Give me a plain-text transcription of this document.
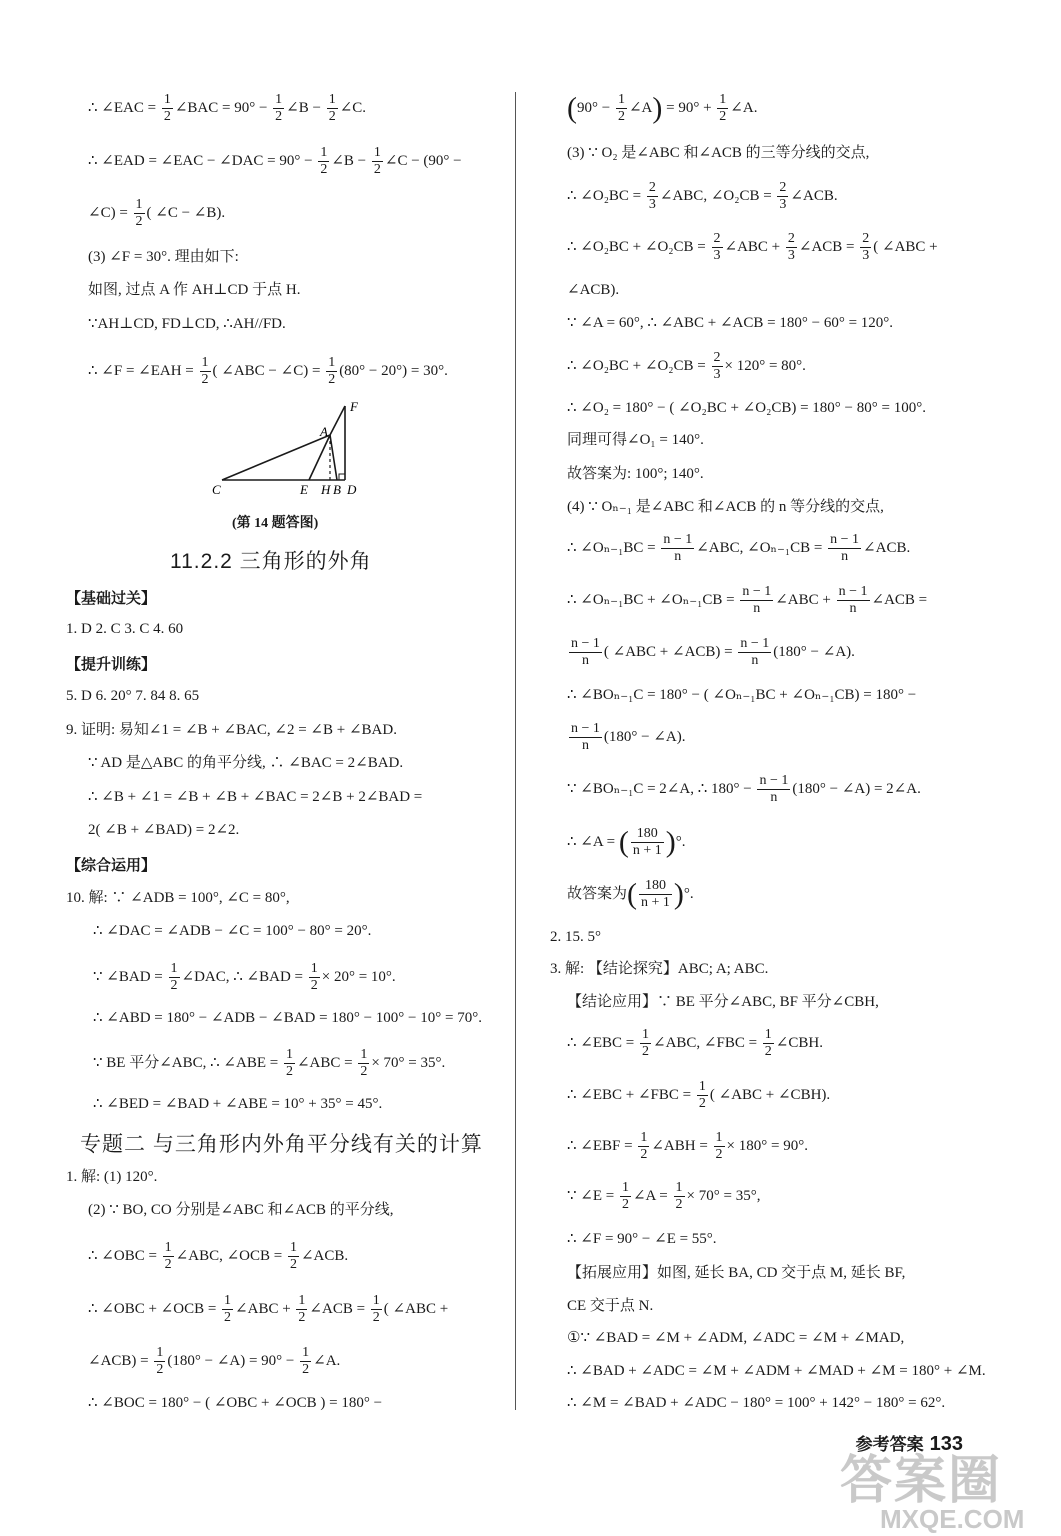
∴ ∠EAC = $\frac{1}{2}$ ∠BAC = $90^\circ - \frac{1}{2}$ ∠B − $\frac{1}{2}$ ∠C.
∴ ∠EAD = ∠EAC − ∠DAC = $90^\circ - \frac{1}{2}$ ∠B − $\frac{1}{2}$ ∠C − (90° −
∠C) = $\frac{1}{2}$ ( ∠C − ∠B).
(3) ∠F = 30°. 理由如下:
如图, 过点 A 作 AH⊥CD 于点 H.
∵AH⊥CD, FD⊥CD, ∴AH//FD.
∴ ∠F = ∠EAH = $\frac{1}{2}$ ( ∠ABC − ∠C) = $\frac{1}{2} (80^\circ - 20^\circ) = 30^\circ$.
C	E H B D
A
F
(第 14 题答图)
11.2.2 三角形的外角
【基础过关】
1. D 2. C 3. C 4. 60
【提升训练】
5. D 6. 20° 7. 84 8. 65
9. 证明: 易知∠1 = ∠B + ∠BAC, ∠2 = ∠B + ∠BAD.
∵ AD 是△ABC 的角平分线, ∴ ∠BAC = 2∠BAD.
∴ ∠B + ∠1 = ∠B + ∠B + ∠BAC = 2∠B + 2∠BAD =
2( ∠B + ∠BAD) = 2∠2.
【综合运用】
10. 解: ∵ ∠ADB = 100°, ∠C = 80°,
∴ ∠DAC = ∠ADB − ∠C = 100° − 80° = 20°.
∵ ∠BAD = $\frac{1}{2}$ ∠DAC, ∴ ∠BAD = $\frac{1}{2} \times 20^\circ = 10^\circ$.
∴ ∠ABD = 180° − ∠ADB − ∠BAD = 180° − 100° − 10° = 70°.
∵ BE 平分∠ABC, ∴ ∠ABE = $\frac{1}{2}$ ∠ABC = $\frac{1}{2} \times 70^\circ = 35^\circ$.
∴ ∠BED = ∠BAD + ∠ABE = 10° + 35° = 45°.
专题二 与三角形内外角平分线有关的计算
1. 解: (1) 120°.
(2) ∵ BO, CO 分别是∠ABC 和∠ACB 的平分线,
∴ ∠OBC = $\frac{1}{2}$ ∠ABC, ∠OCB = $\frac{1}{2}$ ∠ACB.
∴ ∠OBC + ∠OCB = $\frac{1}{2}$ ∠ABC + $\frac{1}{2}$ ∠ACB = $\frac{1}{2}$ ( ∠ABC +
∠ACB) = $\frac{1}{2} (180^\circ$ − ∠A) = $90^\circ - \frac{1}{2}$ ∠A.
∴ ∠BOC = 180° − ( ∠OBC + ∠OCB ) = 180° −
($90^\circ - \frac{1}{2}$ ∠A) = $90^\circ + \frac{1}{2}$ ∠A.
(3) ∵ O₂ 是∠ABC 和∠ACB 的三等分线的交点,
∴ ∠O₂BC = $\frac{2}{3}$ ∠ABC, ∠O₂CB = $\frac{2}{3}$ ∠ACB.
∴ ∠O₂BC + ∠O₂CB = $\frac{2}{3}$ ∠ABC + $\frac{2}{3}$ ∠ACB = $\frac{2}{3}$ ( ∠ABC +
∠ACB).
∵ ∠A = 60°, ∴ ∠ABC + ∠ACB = 180° − 60° = 120°.
∴ ∠O₂BC + ∠O₂CB = $\frac{2}{3} \times 120^\circ = 80^\circ$.
∴ ∠O₂ = 180° − ( ∠O₂BC + ∠O₂CB) = 180° − 80° = 100°.
同理可得∠O₁ = 140°.
故答案为: 100°; 140°.
(4) ∵ Oₙ₋₁ 是∠ABC 和∠ACB 的 n 等分线的交点,
∴ ∠Oₙ₋₁BC = $\frac{n - 1}{n}$ ∠ABC, ∠Oₙ₋₁CB = $\frac{n - 1}{n}$ ∠ACB.
∴ ∠Oₙ₋₁BC + ∠Oₙ₋₁CB = $\frac{n - 1}{n}$ ∠ABC + $\frac{n - 1}{n}$ ∠ACB =
$\frac{n - 1}{n}$ ( ∠ABC + ∠ACB) = $\frac{n - 1}{n} (180^\circ$ − ∠A).
∴ ∠BOₙ₋₁C = 180° − ( ∠Oₙ₋₁BC + ∠Oₙ₋₁CB) = 180° −
$\frac{n - 1}{n} (180^\circ$ − ∠A).
∵ ∠BOₙ₋₁C = 2∠A, ∴ $180^\circ - \frac{n - 1}{n} (180^\circ$ − ∠A) = 2∠A.
∴ ∠A = ( $\frac{180}{n + 1}$ )°.
故答案为( $\frac{180}{n + 1}$ )°.
2. 15. 5°
3. 解: 【结论探究】ABC; A; ABC.
【结论应用】∵ BE 平分∠ABC, BF 平分∠CBH,
∴ ∠EBC = $\frac{1}{2}$ ∠ABC, ∠FBC = $\frac{1}{2}$ ∠CBH.
∴ ∠EBC + ∠FBC = $\frac{1}{2}$ ( ∠ABC + ∠CBH).
∴ ∠EBF = $\frac{1}{2}$ ∠ABH = $\frac{1}{2} \times 180^\circ = 90^\circ$.
∵ ∠E = $\frac{1}{2}$ ∠A = $\frac{1}{2} \times 70^\circ = 35^\circ$,
∴ ∠F = 90° − ∠E = 55°.
【拓展应用】如图, 延长 BA, CD 交于点 M, 延长 BF,
CE 交于点 N.
①∵ ∠BAD = ∠M + ∠ADM, ∠ADC = ∠M + ∠MAD,
∴ ∠BAD + ∠ADC = ∠M + ∠ADM + ∠MAD + ∠M = 180° + ∠M.
∴ ∠M = ∠BAD + ∠ADC − 180° = 100° + 142° − 180° = 62°.
参考答案 133
答案圈
MXQE.COM
